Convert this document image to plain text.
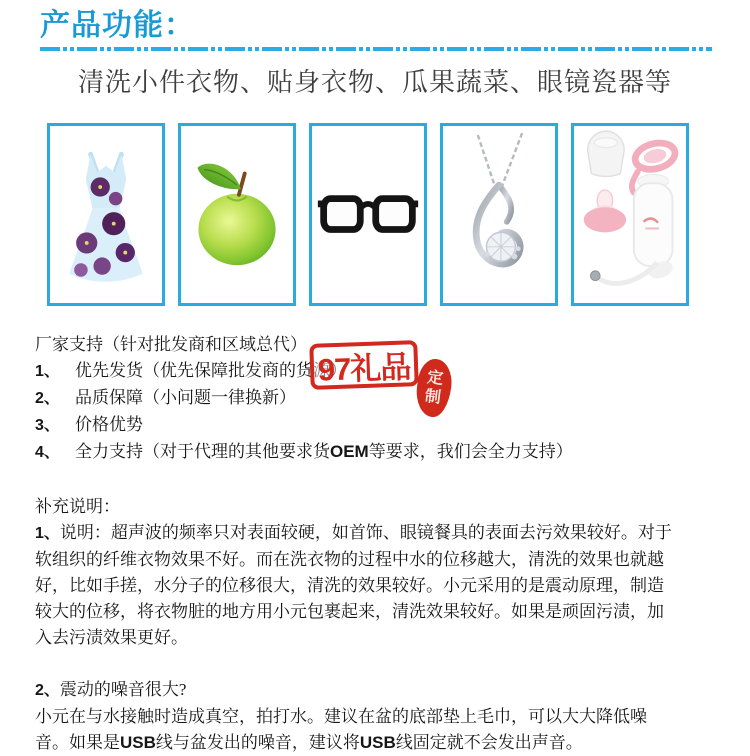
产品功能：
清洗小件衣物、贴身衣物、瓜果蔬菜、眼镜瓷器等
厂家支持（针对批发商和区域总代）
1、 优先发货（优先保障批发商的货源）
2、 品质保障（小问题一律换新）
3、 价格优势
4、 全力支持（对于代理的其他要求货OEM等要求，我们会全力支持）
补充说明：
1、说明：超声波的频率只对表面较硬，如首饰、眼镜餐具的表面去污效果较好。对于
软组织的纤维衣物效果不好。而在洗衣物的过程中水的位移越大，清洗的效果也就越
好，比如手搓，水分子的位移很大，清洗的效果较好。小元采用的是震动原理，制造
较大的位移，将衣物脏的地方用小元包裹起来，清洗效果较好。如果是顽固污渍，加
入去污渍效果更好。
2、震动的噪音很大?
小元在与水接触时造成真空，拍打水。建议在盆的底部垫上毛巾，可以大大降低噪
音。如果是USB线与盆发出的噪音，建议将USB线固定就不会发出声音。
97礼品 定
制
